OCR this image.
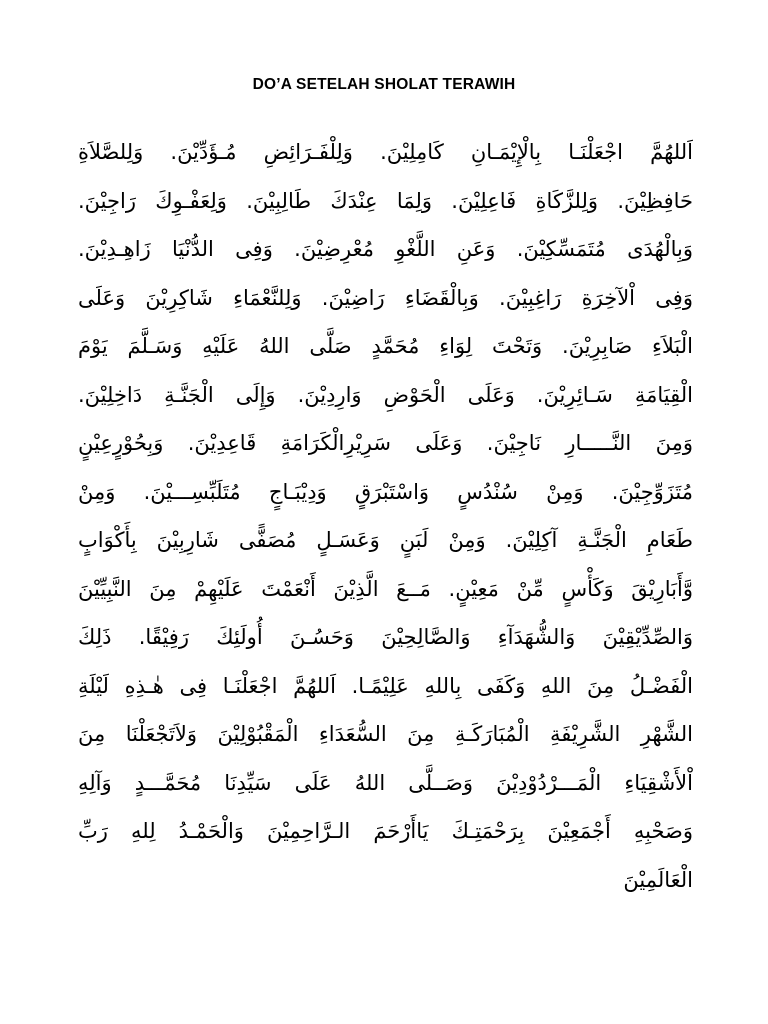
DO’A SETELAH SHOLAT TERAWIH
اَللهُمَّ اجْعَلْنَـا بِالْإِيْمَـانِ كَامِلِيْنَ. وَلِلْفَـرَائِضِ مُـؤَدِّيْنَ. وَلِلصَّلاَةِ
حَافِظِيْنَ. وَلِلزَّكَاةِ فَاعِلِيْنَ. وَلِمَا عِنْدَكَ طَالِبِيْنَ. وَلِعَفْـوِكَ رَاجِيْنَ.
وَبِالْهُدَى مُتَمَسِّكِيْنَ. وَعَنِ اللَّغْوِ مُعْرِضِيْنَ. وَفِى الدُّنْيَا زَاهِـدِيْنَ.
وَفِى اْلآخِرَةِ رَاغِبِيْنَ. وَبِالْقَضَاءِ رَاضِيْنَ. وَلِلنَّعْمَاءِ شَاكِرِيْنَ وَعَلَى
الْبَلاَءِ صَابِرِيْنَ. وَتَحْتَ لِوَاءِ مُحَمَّدٍ صَلَّى اللهُ عَلَيْهِ وَسَـلَّمَ يَوْمَ
الْقِيَامَةِ سَـائِرِيْنَ. وَعَلَى الْحَوْضِ وَارِدِيْنَ. وَإِلَى الْجَنَّـةِ دَاخِلِيْنَ.
وَمِنَ النَّـــــارِ نَاجِيْنَ. وَعَلَى سَرِيْرِالْكَرَامَةِ قَاعِدِيْنَ. وَبِحُوْرٍعِيْنٍ
مُتَزَوِّجِيْنَ. وَمِنْ سُنْدُسٍ وَاسْتَبْرَقٍ وَدِيْبَـاجٍ مُتَلَبِّسِـــيْنَ. وَمِنْ
طَعَامِ الْجَنَّـةِ آكِلِيْنَ. وَمِنْ لَبَنٍ وَعَسَـلٍ مُصَفًّى شَارِبِيْنَ بِأَكْوَابٍ
وَّأَبَارِيْقَ وَكَأْسٍ مِّنْ مَعِيْنٍ. مَــعَ الَّذِيْنَ أَنْعَمْتَ عَلَيْهِمْ مِنَ النَّبِيِّيْنَ
وَالصِّدِّيْقِيْنَ وَالشُّهَدَآءِ وَالصَّالِحِيْنَ وَحَسُـنَ أُولَئِكَ رَفِيْقًا. ذَلِكَ
الْفَضْـلُ مِنَ اللهِ وَكَفَى بِاللهِ عَلِيْمًـا. اَللهُمَّ اجْعَلْنَـا فِى هٰـذِهِ لَيْلَةِ
الشَّهْرِ الشَّرِيْفَةِ الْمُبَارَكَـةِ مِنَ السُّعَدَاءِ الْمَقْبُوْلِيْنَ وَلاَتَجْعَلْنَا مِنَ
اْلأَشْقِيَاءِ الْمَـــرْدُوْدِيْنَ وَصَــلَّى اللهُ عَلَى سَيِّدِنَا مُحَمَّـــدٍ وَآلِهِ
وَصَحْبِهِ أَجْمَعِيْنَ بِرَحْمَتِـكَ يَاأَرْحَمَ الـرَّاحِمِيْنَ وَالْحَمْـدُ لِلهِ رَبِّ
الْعَالَمِيْنَ
